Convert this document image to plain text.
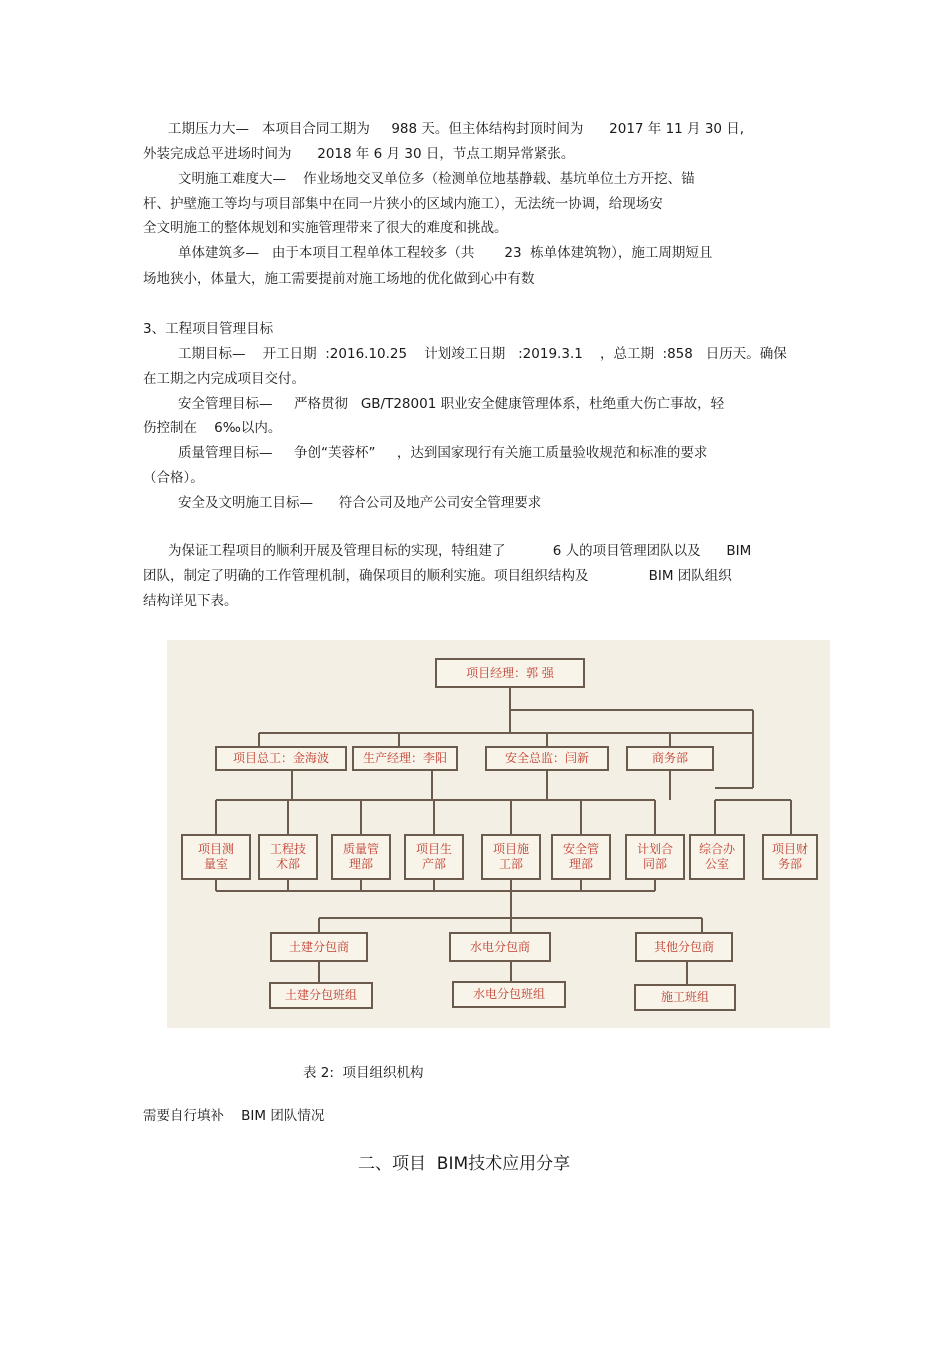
工期压力大—   本项目合同工期为     988 天。但主体结构封顶时间为      2017 年 11 月 30 日,
外装完成总平进场时间为      2018 年 6 月 30 日，节点工期异常紧张。
文明施工难度大—    作业场地交叉单位多（检测单位地基静载、基坑单位土方开挖、锚
杆、护壁施工等均与项目部集中在同一片狭小的区域内施工），无法统一协调，给现场安
全文明施工的整体规划和实施管理带来了很大的难度和挑战。
单体建筑多—   由于本项目工程单体工程较多（共       23  栋单体建筑物），施工周期短且
场地狭小，体量大，施工需要提前对施工场地的优化做到心中有数
3、工程项目管理目标
工期目标—    开工日期  :2016.10.25    计划竣工日期   :2019.3.1    ，总工期  :858   日历天。确保
在工期之内完成项目交付。
安全管理目标—     严格贯彻   GB/T28001 职业安全健康管理体系，杜绝重大伤亡事故，轻
伤控制在    6‰以内。
质量管理目标—     争创“芙蓉杯”     ，达到国家现行有关施工质量验收规范和标准的要求
（合格）。
安全及文明施工目标—      符合公司及地产公司安全管理要求
为保证工程项目的顺利开展及管理目标的实现，特组建了           6 人的项目管理团队以及      BIM
团队，制定了明确的工作管理机制，确保项目的顺利实施。项目组织结构及              BIM 团队组织
结构详见下表。
项目经理：郭 强
项目总工：金海波	生产经理：李阳	安全总监：闫新	商务部
项目测
量室
工程技
术部
质量管
理部
项目生
产部
项目施
工部
安全管
理部
计划合
同部
综合办
公室
项目财
务部
土建分包商	水电分包商	其他分包商
土建分包班组	水电分包班组	施工班组
表 2:  项目组织机构
需要自行填补    BIM 团队情况
二、项目  BIM技术应用分享
